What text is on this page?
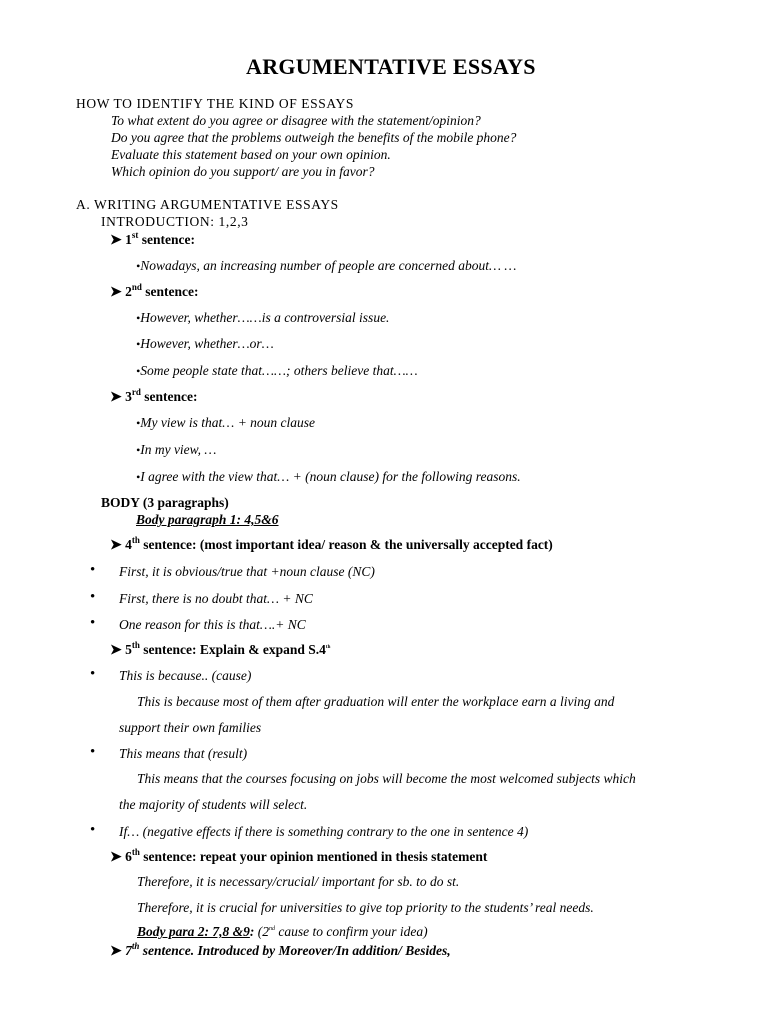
ARGUMENTATIVE ESSAYS
HOW TO IDENTIFY THE KIND OF ESSAYS
To what extent do you agree or disagree with the statement/opinion?
Do you agree that the problems outweigh the benefits of the mobile phone?
Evaluate this statement based on your own opinion.
Which opinion do you support/ are you in favor?
A. WRITING ARGUMENTATIVE ESSAYS
INTRODUCTION: 1,2,3
➤ 1st sentence:
•Nowadays, an increasing number of people are concerned about… …
➤ 2nd sentence:
•However, whether……is a controversial issue.
•However, whether…or…
•Some people state that……; others believe that……
➤ 3rd sentence:
•My view is that… + noun clause
•In my view, …
•I agree with the view that… + (noun clause) for the following reasons.
BODY (3 paragraphs)
Body paragraph 1: 4,5&6
➤ 4th sentence: (most important idea/ reason & the universally accepted fact)
• First, it is obvious/true that +noun clause (NC)
• First, there is no doubt that… + NC
• One reason for this is that….+ NC
➤ 5th sentence: Explain & expand S.4th
• This is because.. (cause)
This is because most of them after graduation will enter the workplace earn a living and
support their own families
• This means that (result)
This means that the courses focusing on jobs will become the most welcomed subjects which
the majority of students will select.
• If… (negative effects if there is something contrary to the one in sentence 4)
➤ 6th sentence: repeat your opinion mentioned in thesis statement
Therefore, it is necessary/crucial/ important for sb. to do st.
Therefore, it is crucial for universities to give top priority to the students’ real needs.
Body para 2: 7,8 &9: (2nd cause to confirm your idea)
➤ 7th sentence. Introduced by Moreover/In addition/ Besides,
